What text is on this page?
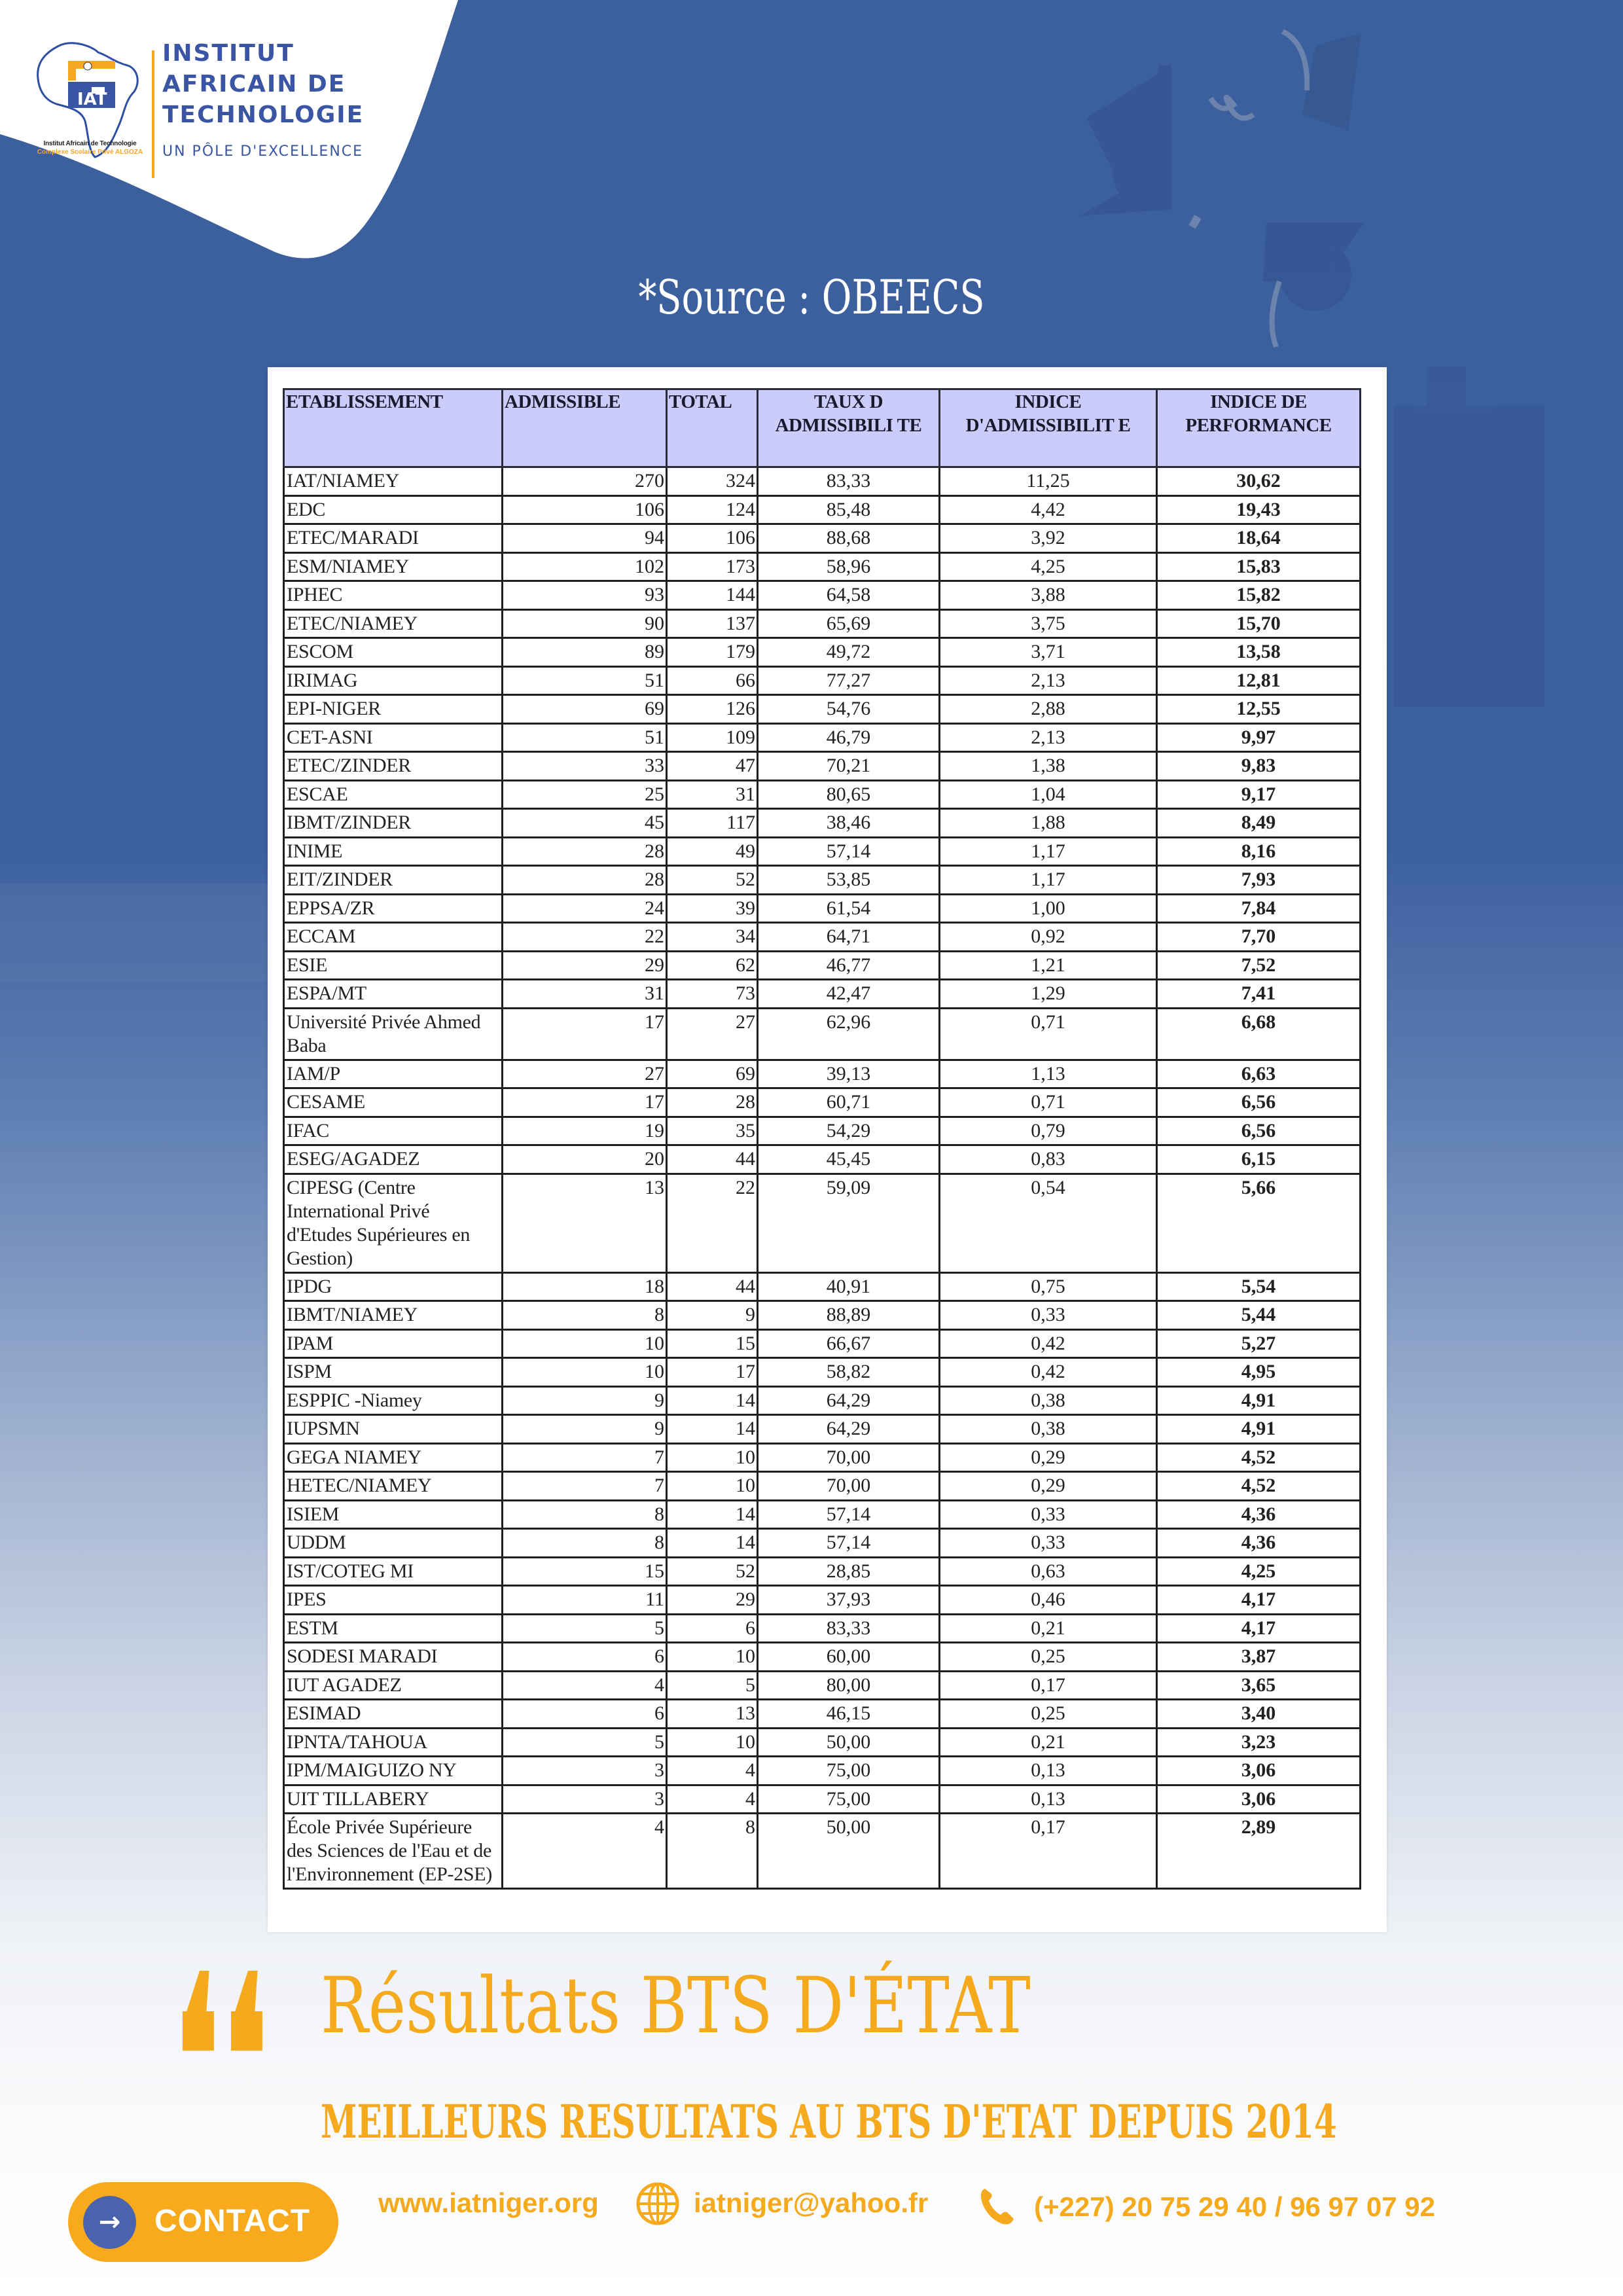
IAT
Institut Africain de Technologie
Complexe Scolaire Privé ALGOZA
INSTITUT
AFRICAIN DE
TECHNOLOGIE
UN PÔLE D'EXCELLENCE
*Source : OBEECS
ETABLISSEMENT	ADMISSIBLE	TOTAL	TAUX D ADMISSIBILI TE	INDICE D'ADMISSIBILIT E	INDICE DE PERFORMANCE
IAT/NIAMEY	270	324	83,33	11,25	30,62
EDC	106	124	85,48	4,42	19,43
ETEC/MARADI	94	106	88,68	3,92	18,64
ESM/NIAMEY	102	173	58,96	4,25	15,83
IPHEC	93	144	64,58	3,88	15,82
ETEC/NIAMEY	90	137	65,69	3,75	15,70
ESCOM	89	179	49,72	3,71	13,58
IRIMAG	51	66	77,27	2,13	12,81
EPI-NIGER	69	126	54,76	2,88	12,55
CET-ASNI	51	109	46,79	2,13	9,97
ETEC/ZINDER	33	47	70,21	1,38	9,83
ESCAE	25	31	80,65	1,04	9,17
IBMT/ZINDER	45	117	38,46	1,88	8,49
INIME	28	49	57,14	1,17	8,16
EIT/ZINDER	28	52	53,85	1,17	7,93
EPPSA/ZR	24	39	61,54	1,00	7,84
ECCAM	22	34	64,71	0,92	7,70
ESIE	29	62	46,77	1,21	7,52
ESPA/MT	31	73	42,47	1,29	7,41
Université Privée Ahmed Baba	17	27	62,96	0,71	6,68
IAM/P	27	69	39,13	1,13	6,63
CESAME	17	28	60,71	0,71	6,56
IFAC	19	35	54,29	0,79	6,56
ESEG/AGADEZ	20	44	45,45	0,83	6,15
CIPESG (Centre International Privé d'Etudes Supérieures en Gestion)	13	22	59,09	0,54	5,66
IPDG	18	44	40,91	0,75	5,54
IBMT/NIAMEY	8	9	88,89	0,33	5,44
IPAM	10	15	66,67	0,42	5,27
ISPM	10	17	58,82	0,42	4,95
ESPPIC -Niamey	9	14	64,29	0,38	4,91
IUPSMN	9	14	64,29	0,38	4,91
GEGA NIAMEY	7	10	70,00	0,29	4,52
HETEC/NIAMEY	7	10	70,00	0,29	4,52
ISIEM	8	14	57,14	0,33	4,36
UDDM	8	14	57,14	0,33	4,36
IST/COTEG MI	15	52	28,85	0,63	4,25
IPES	11	29	37,93	0,46	4,17
ESTM	5	6	83,33	0,21	4,17
SODESI MARADI	6	10	60,00	0,25	3,87
IUT AGADEZ	4	5	80,00	0,17	3,65
ESIMAD	6	13	46,15	0,25	3,40
IPNTA/TAHOUA	5	10	50,00	0,21	3,23
IPM/MAIGUIZO NY	3	4	75,00	0,13	3,06
UIT TILLABERY	3	4	75,00	0,13	3,06
École Privée Supérieure des Sciences de l'Eau et de l'Environnement (EP-2SE)	4	8	50,00	0,17	2,89
Résultats BTS D'ÉTAT
MEILLEURS RESULTATS AU BTS D'ETAT DEPUIS 2014
→	CONTACT
www.iatniger.org	iatniger@yahoo.fr	(+227) 20 75 29 40 / 96 97 07 92
